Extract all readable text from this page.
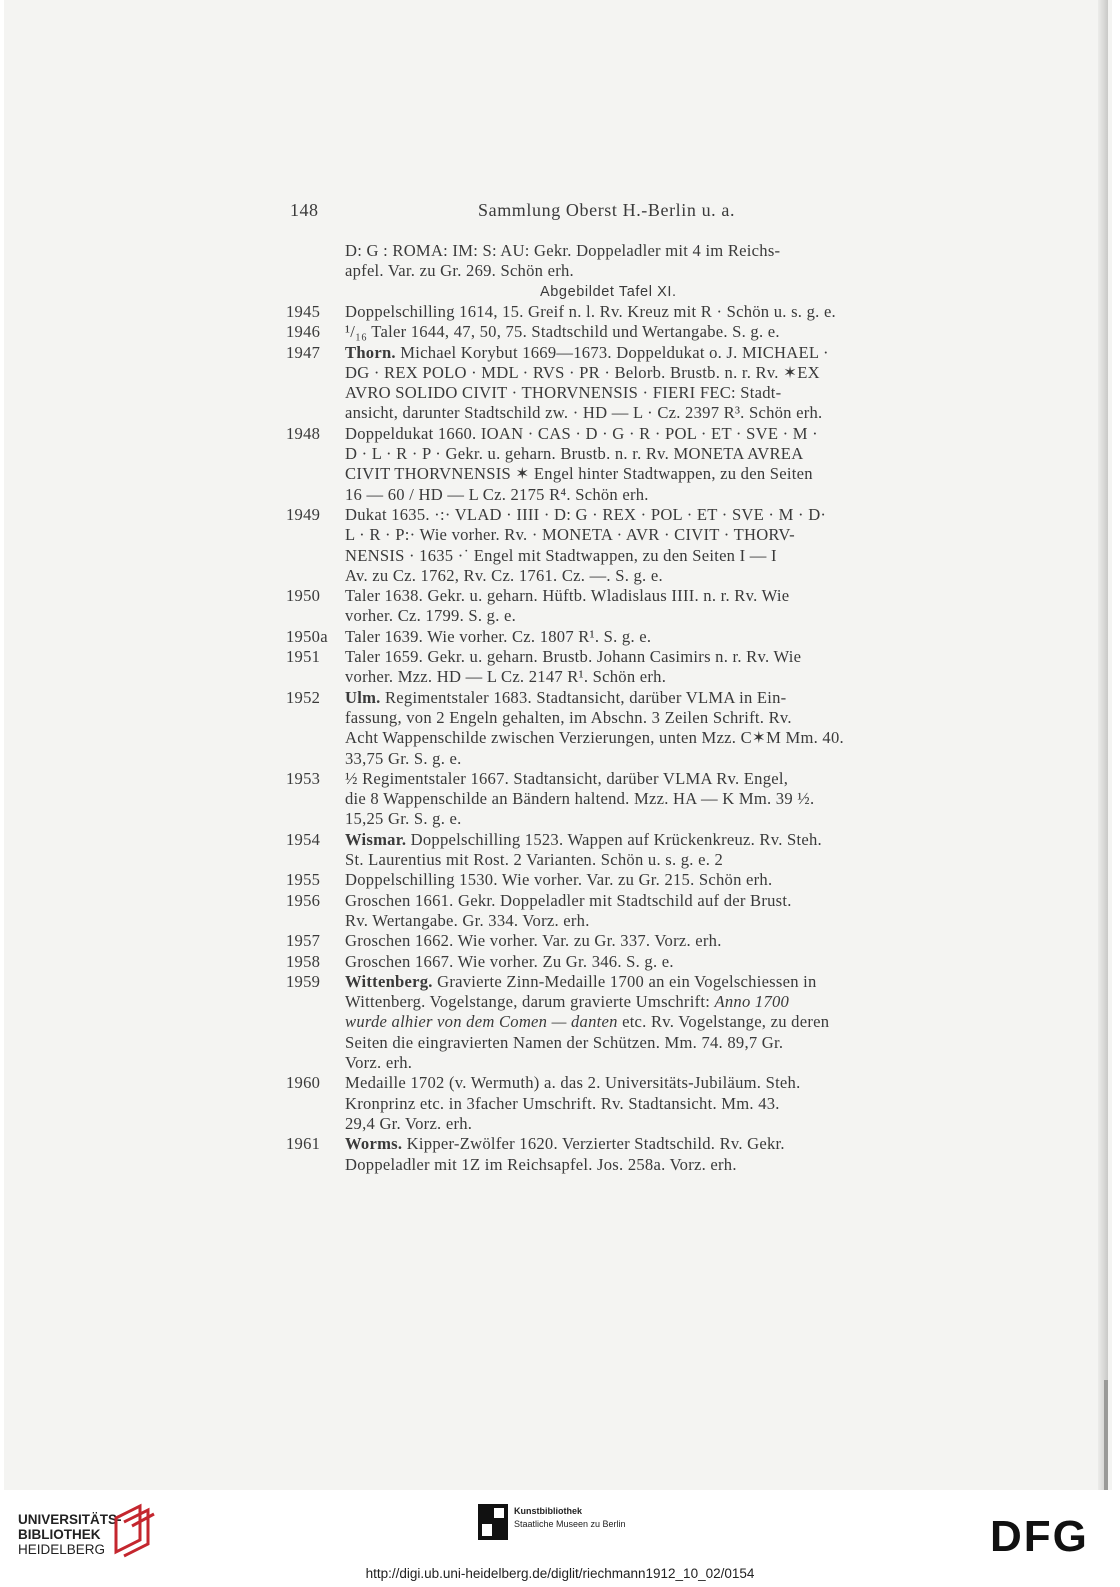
148	Sammlung Oberst H.-Berlin u. a.
D: G : ROMA: IM: S: AU: Gekr. Doppeladler mit 4 im Reichs-
apfel. Var. zu Gr. 269. Schön erh.
Abgebildet Tafel XI.
1945	Doppelschilling 1614, 15. Greif n. l. Rv. Kreuz mit R · Schön u. s. g. e.
1946	¹/₁₆ Taler 1644, 47, 50, 75. Stadtschild und Wertangabe. S. g. e.
1947	Thorn. Michael Korybut 1669—1673. Doppeldukat o. J. MICHAEL ·
DG · REX POLO · MDL · RVS · PR · Belorb. Brustb. n. r. Rv. ✶EX
AVRO SOLIDO CIVIT · THORVNENSIS · FIERI FEC: Stadt-
ansicht, darunter Stadtschild zw. · HD — L · Cz. 2397 R³. Schön erh.
1948	Doppeldukat 1660. IOAN · CAS · D · G · R · POL · ET · SVE · M ·
D · L · R · P · Gekr. u. geharn. Brustb. n. r. Rv. MONETA AVREA
CIVIT THORVNENSIS ✶ Engel hinter Stadtwappen, zu den Seiten
16 — 60 / HD — L Cz. 2175 R⁴. Schön erh.
1949	Dukat 1635. ·:· VLAD · IIII · D: G · REX · POL · ET · SVE · M · D·
L · R · P:· Wie vorher. Rv. · MONETA · AVR · CIVIT · THORV-
NENSIS · 1635 ·˙ Engel mit Stadtwappen, zu den Seiten I — I
Av. zu Cz. 1762, Rv. Cz. 1761. Cz. —. S. g. e.
1950	Taler 1638. Gekr. u. geharn. Hüftb. Wladislaus IIII. n. r. Rv. Wie
vorher. Cz. 1799. S. g. e.
1950a	Taler 1639. Wie vorher. Cz. 1807 R¹. S. g. e.
1951	Taler 1659. Gekr. u. geharn. Brustb. Johann Casimirs n. r. Rv. Wie
vorher. Mzz. HD — L Cz. 2147 R¹. Schön erh.
1952	Ulm. Regimentstaler 1683. Stadtansicht, darüber VLMA in Ein-
fassung, von 2 Engeln gehalten, im Abschn. 3 Zeilen Schrift. Rv.
Acht Wappenschilde zwischen Verzierungen, unten Mzz. C✶M Mm. 40.
33,75 Gr. S. g. e.
1953	½ Regimentstaler 1667. Stadtansicht, darüber VLMA Rv. Engel,
die 8 Wappenschilde an Bändern haltend. Mzz. HA — K Mm. 39 ½.
15,25 Gr. S. g. e.
1954	Wismar. Doppelschilling 1523. Wappen auf Krückenkreuz. Rv. Steh.
St. Laurentius mit Rost. 2 Varianten. Schön u. s. g. e. 2
1955	Doppelschilling 1530. Wie vorher. Var. zu Gr. 215. Schön erh.
1956	Groschen 1661. Gekr. Doppeladler mit Stadtschild auf der Brust.
Rv. Wertangabe. Gr. 334. Vorz. erh.
1957	Groschen 1662. Wie vorher. Var. zu Gr. 337. Vorz. erh.
1958	Groschen 1667. Wie vorher. Zu Gr. 346. S. g. e.
1959	Wittenberg. Gravierte Zinn-Medaille 1700 an ein Vogelschiessen in
Wittenberg. Vogelstange, darum gravierte Umschrift: Anno 1700
wurde alhier von dem Comen — danten etc. Rv. Vogelstange, zu deren
Seiten die eingravierten Namen der Schützen. Mm. 74. 89,7 Gr.
Vorz. erh.
1960	Medaille 1702 (v. Wermuth) a. das 2. Universitäts-Jubiläum. Steh.
Kronprinz etc. in 3facher Umschrift. Rv. Stadtansicht. Mm. 43.
29,4 Gr. Vorz. erh.
1961	Worms. Kipper-Zwölfer 1620. Verzierter Stadtschild. Rv. Gekr.
Doppeladler mit 1Z im Reichsapfel. Jos. 258a. Vorz. erh.
UNIVERSITÄTS-
BIBLIOTHEK
HEIDELBERG
Kunstbibliothek
Staatliche Museen zu Berlin	DFG
http://digi.ub.uni-heidelberg.de/diglit/riechmann1912_10_02/0154
